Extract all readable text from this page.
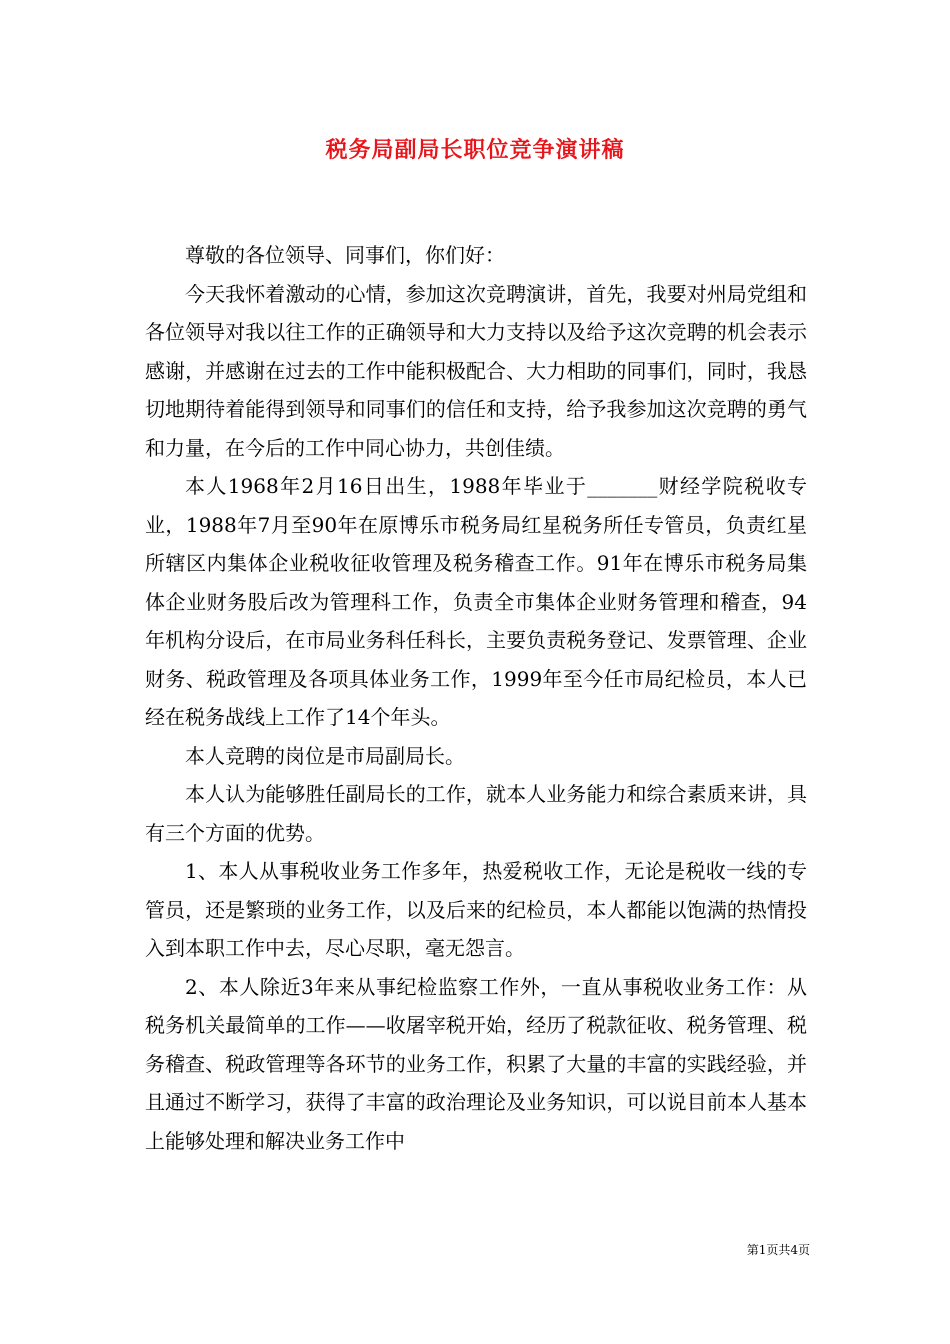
税务局副局长职位竞争演讲稿

尊敬的各位领导、同事们，你们好：

今天我怀着激动的心情，参加这次竞聘演讲，首先，我要对州局党组和各位领导对我以往工作的正确领导和大力支持以及给予这次竞聘的机会表示感谢，并感谢在过去的工作中能积极配合、大力相助的同事们，同时，我恳切地期待着能得到领导和同事们的信任和支持，给予我参加这次竞聘的勇气和力量，在今后的工作中同心协力，共创佳绩。

本人1968年2月16日出生，1988年毕业于_______财经学院税收专业，1988年7月至90年在原博乐市税务局红星税务所任专管员，负责红星所辖区内集体企业税收征收管理及税务稽查工作。91年在博乐市税务局集体企业财务股后改为管理科工作，负责全市集体企业财务管理和稽查，94年机构分设后，在市局业务科任科长，主要负责税务登记、发票管理、企业财务、税政管理及各项具体业务工作，1999年至今任市局纪检员，本人已经在税务战线上工作了14个年头。

本人竞聘的岗位是市局副局长。

本人认为能够胜任副局长的工作，就本人业务能力和综合素质来讲，具有三个方面的优势。

1、本人从事税收业务工作多年，热爱税收工作，无论是税收一线的专管员，还是繁琐的业务工作，以及后来的纪检员，本人都能以饱满的热情投入到本职工作中去，尽心尽职，毫无怨言。

2、本人除近3年来从事纪检监察工作外，一直从事税收业务工作：从税务机关最简单的工作——收屠宰税开始，经历了税款征收、税务管理、税务稽查、税政管理等各环节的业务工作，积累了大量的丰富的实践经验，并且通过不断学习，获得了丰富的政治理论及业务知识，可以说目前本人基本上能够处理和解决业务工作中

第1页共4页
